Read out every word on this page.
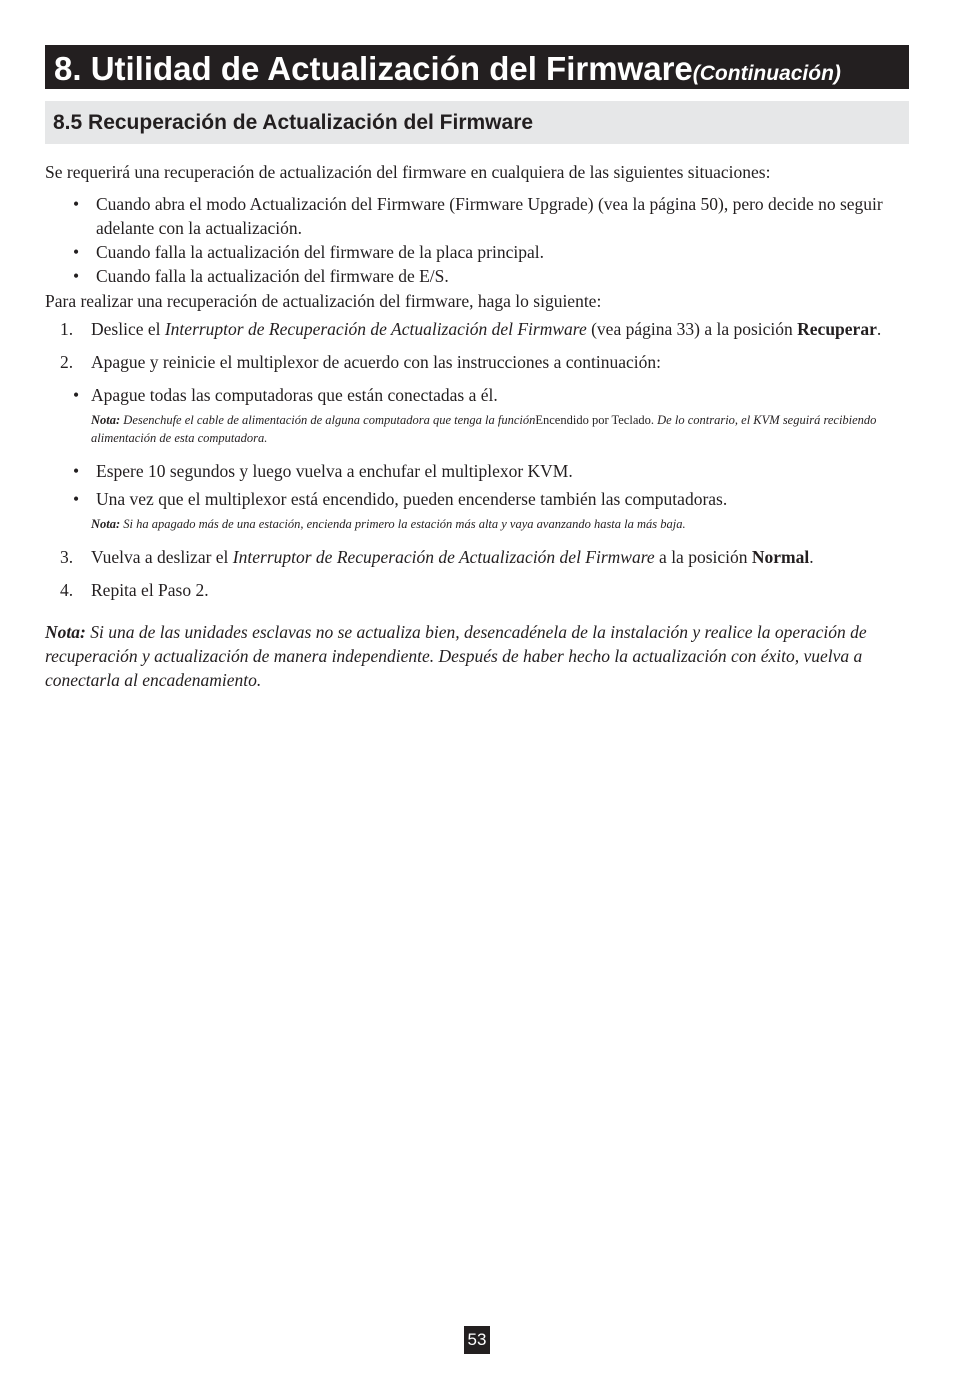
8. Utilidad de Actualización del Firmware(Continuación)
8.5 Recuperación de Actualización del Firmware

Se requerirá una recuperación de actualización del firmware en cualquiera de las siguientes situaciones:

• Cuando abra el modo Actualización del Firmware (Firmware Upgrade) (vea la página 50), pero decide no seguir adelante con la actualización.
• Cuando falla la actualización del firmware de la placa principal.
• Cuando falla la actualización del firmware de E/S.

Para realizar una recuperación de actualización del firmware, haga lo siguiente:

1. Deslice el Interruptor de Recuperación de Actualización del Firmware (vea página 33) a la posición Recuperar.
2. Apague y reinicie el multiplexor de acuerdo con las instrucciones a continuación:
• Apague todas las computadoras que están conectadas a él.
Nota: Desenchufe el cable de alimentación de alguna computadora que tenga la funciónEncendido por Teclado. De lo contrario, el KVM seguirá recibiendo alimentación de esta computadora.
• Espere 10 segundos y luego vuelva a enchufar el multiplexor KVM.
• Una vez que el multiplexor está encendido, pueden encenderse también las computadoras.
Nota: Si ha apagado más de una estación, encienda primero la estación más alta y vaya avanzando hasta la más baja.
3. Vuelva a deslizar el Interruptor de Recuperación de Actualización del Firmware a la posición Normal.
4. Repita el Paso 2.

Nota: Si una de las unidades esclavas no se actualiza bien, desencadénela de la instalación y realice la operación de recuperación y actualización de manera independiente. Después de haber hecho la actualización con éxito, vuelva a conectarla al encadenamiento.

53
